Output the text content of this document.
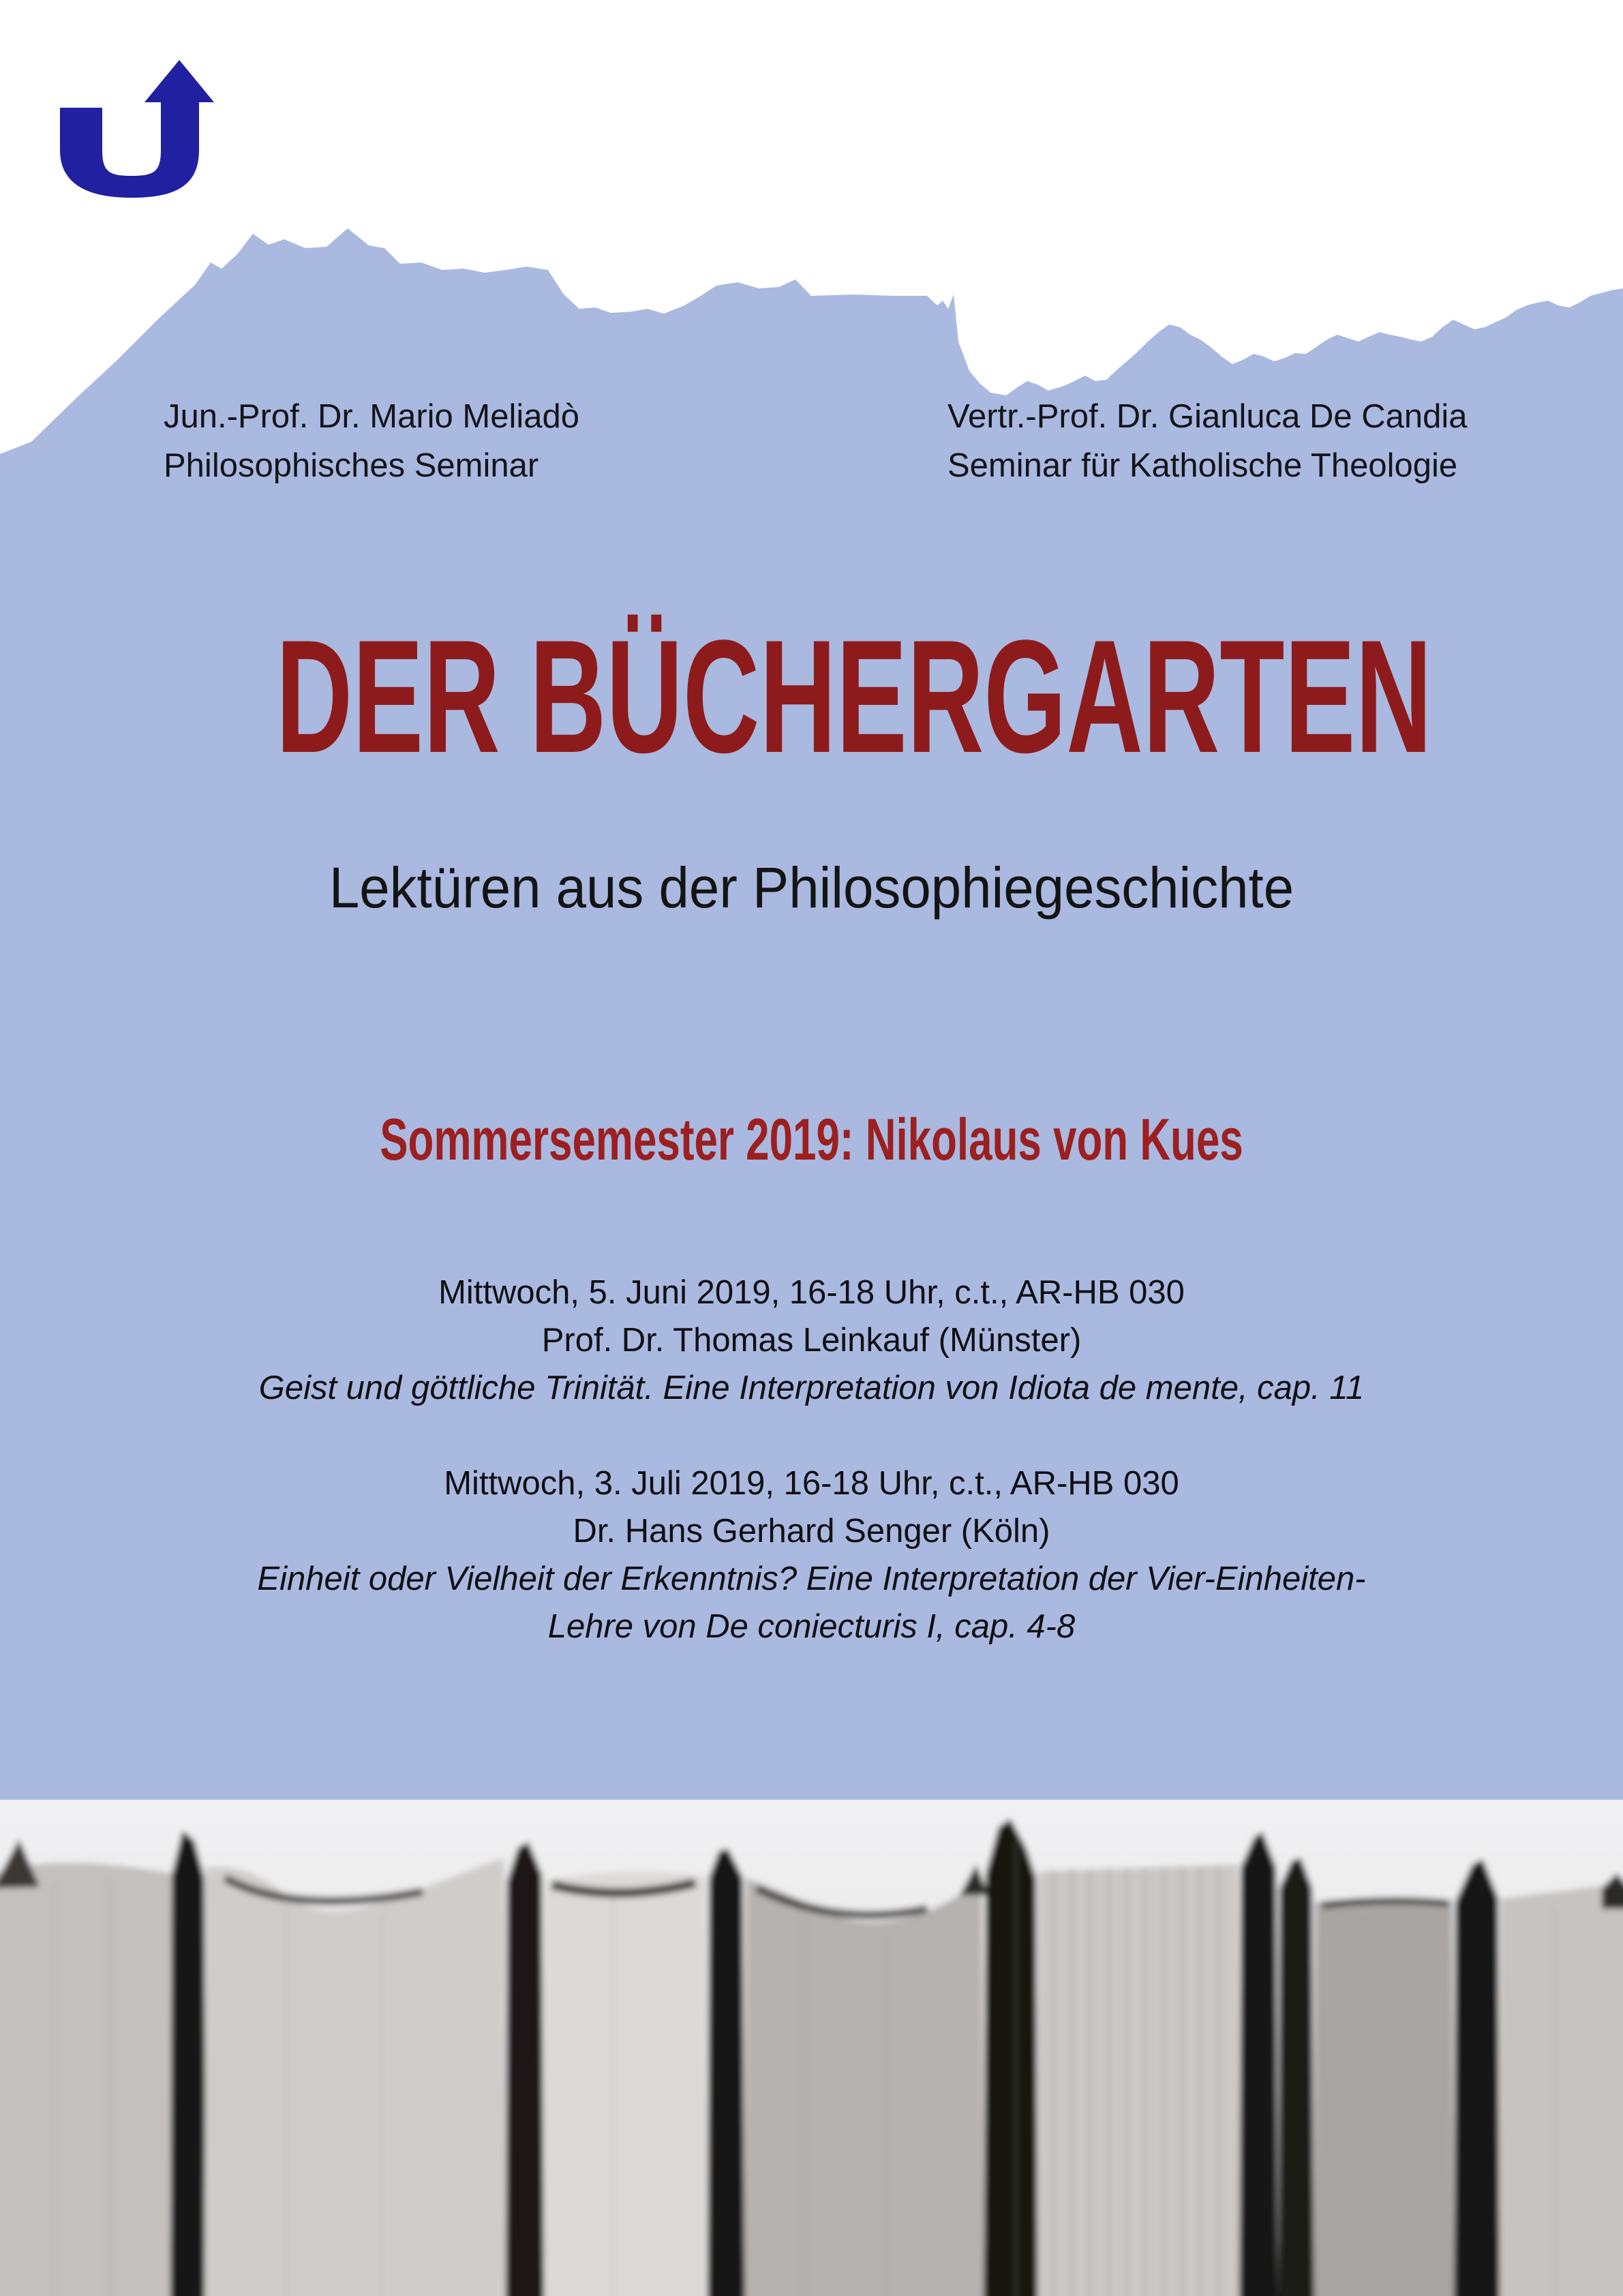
Jun.-Prof. Dr. Mario Meliadò
Philosophisches Seminar
Vertr.-Prof. Dr. Gianluca De Candia
Seminar für Katholische Theologie
DER BÜCHERGARTEN
Lektüren aus der Philosophiegeschichte
Sommersemester 2019: Nikolaus von Kues
Mittwoch, 5. Juni 2019, 16-18 Uhr, c.t., AR-HB 030
Prof. Dr. Thomas Leinkauf (Münster)
Geist und göttliche Trinität. Eine Interpretation von Idiota de mente, cap. 11
Mittwoch, 3. Juli 2019, 16-18 Uhr, c.t., AR-HB 030
Dr. Hans Gerhard Senger (Köln)
Einheit oder Vielheit der Erkenntnis? Eine Interpretation der Vier-Einheiten-
Lehre von De coniecturis I, cap. 4-8
